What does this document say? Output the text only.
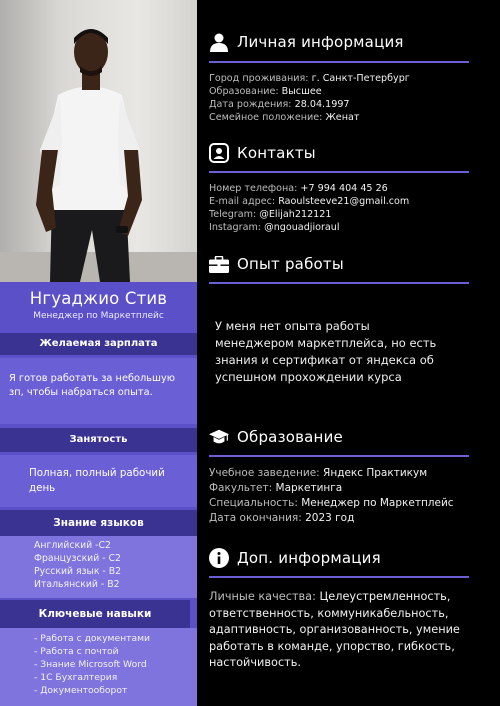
Нгуаджио Стив
Менеджер по Маркетплейс
Желаемая зарплата
Я готов работать за небольшую
зп, чтобы набраться опыта.
Занятость
Полная, полный рабочий
день
Знание языков
Английский -С2
Французский - С2
Русский язык - В2
Итальянский - В2
Ключевые навыки
- Работа с документами
- Работа с почтой
- Знание Microsoft Word
- 1С Бухгалтерия
- Документооборот
Личная информация
Город проживания: г. Санкт-Петербург
Образование: Высшее
Дата рождения: 28.04.1997
Семейное положение: Женат
Контакты
Номер телефона: +7 994 404 45 26
E-mail адрес: Raoulsteeve21@gmail.com
Telegram: @Elijah212121
Instagram: @ngouadjioraul
Опыт работы
У меня нет опыта работы
менеджером маркетплейса, но есть
знания и сертификат от яндекса об
успешном прохождении курса
Образование
Учебное заведение: Яндекс Практикум
Факультет: Маркетинга
Специальность: Менеджер по Маркетплейс
Дата окончания: 2023 год
Доп. информация
Личные качества: Целеустремленность,
ответственность, коммуникабельность,
адаптивность, организованность, умение
работать в команде, упорство, гибкость,
настойчивость.
